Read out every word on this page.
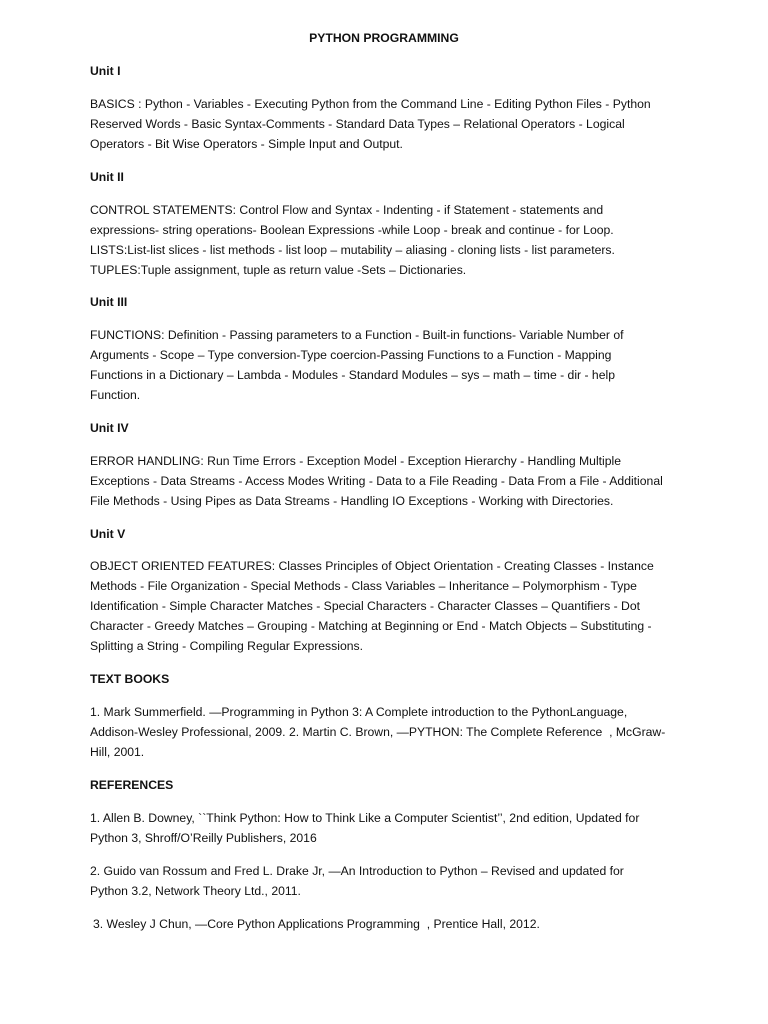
PYTHON PROGRAMMING
Unit I
BASICS : Python - Variables - Executing Python from the Command Line - Editing Python Files - Python
Reserved Words - Basic Syntax-Comments - Standard Data Types – Relational Operators - Logical
Operators - Bit Wise Operators - Simple Input and Output.
Unit II
CONTROL STATEMENTS: Control Flow and Syntax - Indenting - if Statement - statements and
expressions- string operations- Boolean Expressions -while Loop - break and continue - for Loop.
LISTS:List-list slices - list methods - list loop – mutability – aliasing - cloning lists - list parameters.
TUPLES:Tuple assignment, tuple as return value -Sets – Dictionaries.
Unit III
FUNCTIONS: Definition - Passing parameters to a Function - Built-in functions- Variable Number of
Arguments - Scope – Type conversion-Type coercion-Passing Functions to a Function - Mapping
Functions in a Dictionary – Lambda - Modules - Standard Modules – sys – math – time - dir - help
Function.
Unit IV
ERROR HANDLING: Run Time Errors - Exception Model - Exception Hierarchy - Handling Multiple
Exceptions - Data Streams - Access Modes Writing - Data to a File Reading - Data From a File - Additional
File Methods - Using Pipes as Data Streams - Handling IO Exceptions - Working with Directories.
Unit V
OBJECT ORIENTED FEATURES: Classes Principles of Object Orientation - Creating Classes - Instance
Methods - File Organization - Special Methods - Class Variables – Inheritance – Polymorphism - Type
Identification - Simple Character Matches - Special Characters - Character Classes – Quantifiers - Dot
Character - Greedy Matches – Grouping - Matching at Beginning or End - Match Objects – Substituting -
Splitting a String - Compiling Regular Expressions.
TEXT BOOKS
1. Mark Summerfield. —Programming in Python 3: A Complete introduction to the PythonLanguage,
Addison-Wesley Professional, 2009. 2. Martin C. Brown, —PYTHON: The Complete Reference  , McGraw-
Hill, 2001.
REFERENCES
1. Allen B. Downey, ``Think Python: How to Think Like a Computer Scientist’’, 2nd edition, Updated for
Python 3, Shroff/O’Reilly Publishers, 2016
2. Guido van Rossum and Fred L. Drake Jr, —An Introduction to Python – Revised and updated for
Python 3.2, Network Theory Ltd., 2011.
3. Wesley J Chun, —Core Python Applications Programming  , Prentice Hall, 2012.
